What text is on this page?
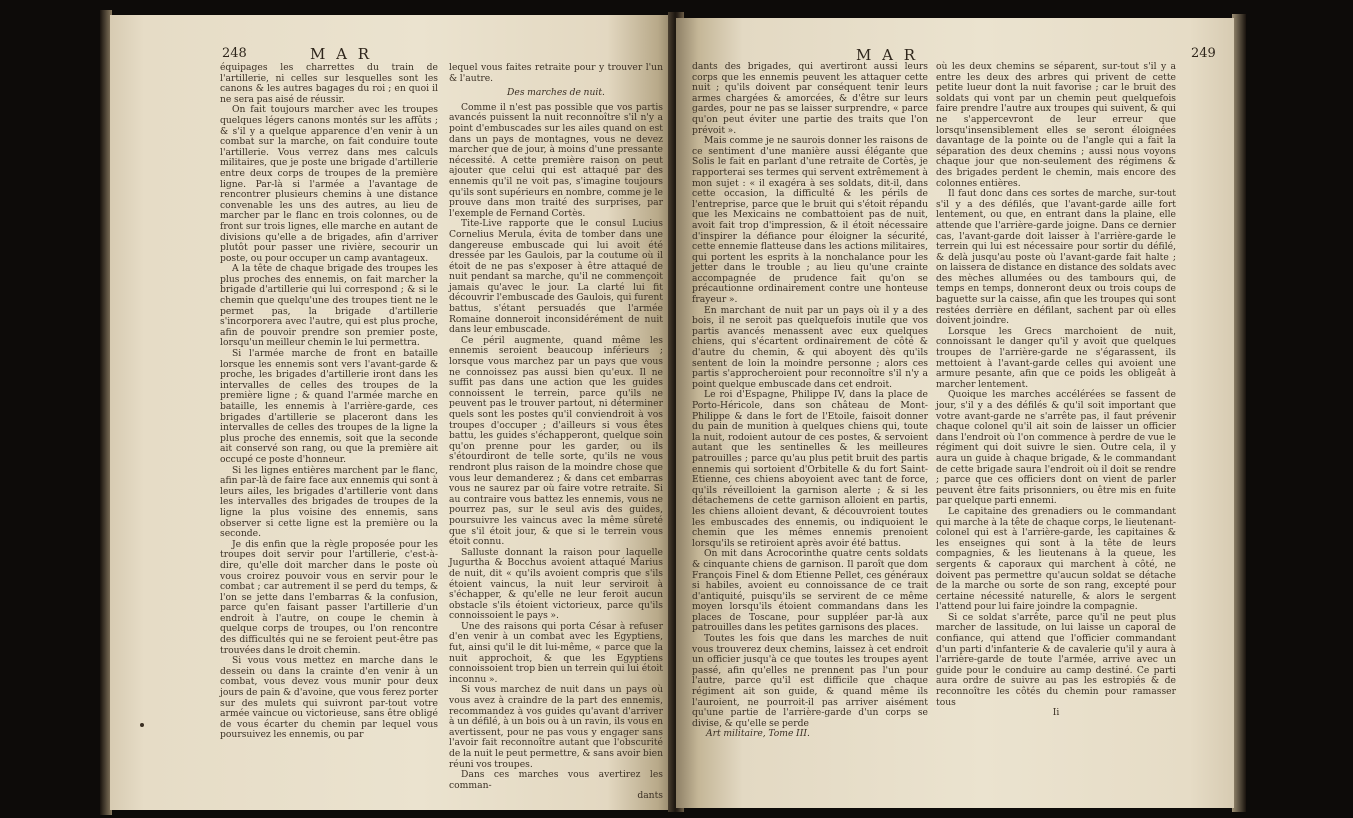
248	M A R

équipages les charrettes du train de l'artillerie, ni celles sur lesquelles sont les canons & les autres bagages du roi ; en quoi il ne sera pas aisé de réussir.

On fait toujours marcher avec les troupes quelques légers canons montés sur les affûts ; & s'il y a quelque apparence d'en venir à un combat sur la marche, on fait conduire toute l'artillerie. Vous verrez dans mes calculs militaires, que je poste une brigade d'artillerie entre deux corps de troupes de la première ligne. Par-là si l'armée a l'avantage de rencontrer plusieurs chemins à une distance convenable les uns des autres, au lieu de marcher par le flanc en trois colonnes, ou de front sur trois lignes, elle marche en autant de divisions qu'elle a de brigades, afin d'arriver plutôt pour passer une rivière, secourir un poste, ou pour occuper un camp avantageux.

A la tête de chaque brigade des troupes les plus proches des ennemis, on fait marcher la brigade d'artillerie qui lui correspond ; & si le chemin que quelqu'une des troupes tient ne le permet pas, la brigade d'artillerie s'incorporera avec l'autre, qui est plus proche, afin de pouvoir prendre son premier poste, lorsqu'un meilleur chemin le lui permettra.

Si l'armée marche de front en bataille lorsque les ennemis sont vers l'avant-garde & proche, les brigades d'artillerie iront dans les intervalles de celles des troupes de la première ligne ; & quand l'armée marche en bataille, les ennemis à l'arrière-garde, ces brigades d'artillerie se placeront dans les intervalles de celles des troupes de la ligne la plus proche des ennemis, soit que la seconde ait conservé son rang, ou que la première ait occupé ce poste d'honneur.

Si les lignes entières marchent par le flanc, afin par-là de faire face aux ennemis qui sont à leurs ailes, les brigades d'artillerie vont dans les intervalles des brigades de troupes de la ligne la plus voisine des ennemis, sans observer si cette ligne est la première ou la seconde.

Je dis enfin que la règle proposée pour les troupes doit servir pour l'artillerie, c'est-à-dire, qu'elle doit marcher dans le poste où vous croirez pouvoir vous en servir pour le combat ; car autrement il se perd du temps, & l'on se jette dans l'embarras & la confusion, parce qu'en faisant passer l'artillerie d'un endroit à l'autre, on coupe le chemin à quelque corps de troupes, ou l'on rencontre des difficultés qui ne se feroient peut-être pas trouvées dans le droit chemin.

Si vous vous mettez en marche dans le dessein ou dans la crainte d'en venir à un combat, vous devez vous munir pour deux jours de pain & d'avoine, que vous ferez porter sur des mulets qui suivront par-tout votre armée vaincue ou victorieuse, sans être obligé de vous écarter du chemin par lequel vous poursuivez les ennemis, ou par

lequel vous faites retraite pour y trouver l'un & l'autre.

Des marches de nuit.

Comme il n'est pas possible que vos partis avancés puissent la nuit reconnoître s'il n'y a point d'embuscades sur les ailes quand on est dans un pays de montagnes, vous ne devez marcher que de jour, à moins d'une pressante nécessité. A cette première raison on peut ajouter que celui qui est attaqué par des ennemis qu'il ne voit pas, s'imagine toujours qu'ils sont supérieurs en nombre, comme je le prouve dans mon traité des surprises, par l'exemple de Fernand Cortès.

Tite-Live rapporte que le consul Lucius Cornelius Merula, évita de tomber dans une dangereuse embuscade qui lui avoit été dressée par les Gaulois, par la coutume où il étoit de ne pas s'exposer à être attaqué de nuit pendant sa marche, qu'il ne commençoit jamais qu'avec le jour. La clarté lui fit découvrir l'embuscade des Gaulois, qui furent battus, s'étant persuadés que l'armée Romaine donneroit inconsidérément de nuit dans leur embuscade.

Ce péril augmente, quand même les ennemis seroient beaucoup inférieurs ; lorsque vous marchez par un pays que vous ne connoissez pas aussi bien qu'eux. Il ne suffit pas dans une action que les guides connoissent le terrein, parce qu'ils ne peuvent pas le trouver partout, ni déterminer quels sont les postes qu'il conviendroit à vos troupes d'occuper ; d'ailleurs si vous êtes battu, les guides s'échapperont, quelque soin qu'on prenne pour les garder, ou ils s'étourdiront de telle sorte, qu'ils ne vous rendront plus raison de la moindre chose que vous leur demanderez ; & dans cet embarras vous ne saurez par où faire votre retraite. Si au contraire vous battez les ennemis, vous ne pourrez pas, sur le seul avis des guides, poursuivre les vaincus avec la même sûreté que s'il étoit jour, & que si le terrein vous étoit connu.

Salluste donnant la raison pour laquelle Jugurtha & Bocchus avoient attaqué Marius de nuit, dit « qu'ils avoient compris que s'ils étoient vaincus, la nuit leur serviroit à s'échapper, & qu'elle ne leur feroit aucun obstacle s'ils étoient victorieux, parce qu'ils connoissoient le pays ».

Une des raisons qui porta César à refuser d'en venir à un combat avec les Egyptiens, fut, ainsi qu'il le dit lui-même, « parce que la nuit approchoit, & que les Egyptiens connoissoient trop bien un terrein qui lui étoit inconnu ».

Si vous marchez de nuit dans un pays où vous avez à craindre de la part des ennemis, recommandez à vos guides qu'avant d'arriver à un défilé, à un bois ou à un ravin, ils vous en avertissent, pour ne pas vous y engager sans l'avoir fait reconnoître autant que l'obscurité de la nuit le peut permettre, & sans avoir bien réuni vos troupes.

Dans ces marches vous avertirez les comman-

dants

M A R	249

dants des brigades, qui avertiront aussi leurs corps que les ennemis peuvent les attaquer cette nuit ; qu'ils doivent par conséquent tenir leurs armes chargées & amorcées, & d'être sur leurs gardes, pour ne pas se laisser surprendre, « parce qu'on peut éviter une partie des traits que l'on prévoit ».

Mais comme je ne saurois donner les raisons de ce sentiment d'une manière aussi élégante que Solis le fait en parlant d'une retraite de Cortès, je rapporterai ses termes qui servent extrêmement à mon sujet : « il exagéra à ses soldats, dit-il, dans cette occasion, la difficulté & les périls de l'entreprise, parce que le bruit qui s'étoit répandu que les Mexicains ne combattoient pas de nuit, avoit fait trop d'impression, & il étoit nécessaire d'inspirer la défiance pour éloigner la sécurité, cette ennemie flatteuse dans les actions militaires, qui portent les esprits à la nonchalance pour les jetter dans le trouble ; au lieu qu'une crainte accompagnée de prudence fait qu'on se précautionne ordinairement contre une honteuse frayeur ».

En marchant de nuit par un pays où il y a des bois, il ne seroit pas quelquefois inutile que vos partis avancés menassent avec eux quelques chiens, qui s'écartent ordinairement de côté & d'autre du chemin, & qui aboyent dès qu'ils sentent de loin la moindre personne ; alors ces partis s'approcheroient pour reconnoître s'il n'y a point quelque embuscade dans cet endroit.

Le roi d'Espagne, Philippe IV, dans la place de Porto-Héricole, dans son château de Mont-Philippe & dans le fort de l'Etoile, faisoit donner du pain de munition à quelques chiens qui, toute la nuit, rodoient autour de ces postes, & servoient autant que les sentinelles & les meilleures patrouilles ; parce qu'au plus petit bruit des partis ennemis qui sortoient d'Orbitelle & du fort Saint-Etienne, ces chiens aboyoient avec tant de force, qu'ils réveilloient la garnison alerte ; & si les détachemens de cette garnison alloient en partis, les chiens alloient devant, & découvroient toutes les embuscades des ennemis, ou indiquoient le chemin que les mêmes ennemis prenoient lorsqu'ils se retiroient après avoir été battus.

On mit dans Acrocorinthe quatre cents soldats & cinquante chiens de garnison. Il paroît que dom François Finel & dom Etienne Pellet, ces généraux si habiles, avoient eu connoissance de ce trait d'antiquité, puisqu'ils se servirent de ce même moyen lorsqu'ils étoient commandans dans les places de Toscane, pour suppléer par-là aux patrouilles dans les petites garnisons des places.

Toutes les fois que dans les marches de nuit vous trouverez deux chemins, laissez à cet endroit un officier jusqu'à ce que toutes les troupes ayent passé, afin qu'elles ne prennent pas l'un pour l'autre, parce qu'il est difficile que chaque régiment ait son guide, & quand même ils l'auroient, ne pourroit-il pas arriver aisément qu'une partie de l'arrière-garde d'un corps se divise, & qu'elle se perde

Art militaire, Tome III.

où les deux chemins se séparent, sur-tout s'il y a entre les deux des arbres qui privent de cette petite lueur dont la nuit favorise ; car le bruit des soldats qui vont par un chemin peut quelquefois faire prendre l'autre aux troupes qui suivent, & qui ne s'appercevront de leur erreur que lorsqu'insensiblement elles se seront éloignées davantage de la pointe ou de l'angle qui a fait la séparation des deux chemins ; aussi nous voyons chaque jour que non-seulement des régimens & des brigades perdent le chemin, mais encore des colonnes entières.

Il faut donc dans ces sortes de marche, sur-tout s'il y a des défilés, que l'avant-garde aille fort lentement, ou que, en entrant dans la plaine, elle attende que l'arrière-garde joigne. Dans ce dernier cas, l'avant-garde doit laisser à l'arrière-garde le terrein qui lui est nécessaire pour sortir du défilé, & delà jusqu'au poste où l'avant-garde fait halte ; on laissera de distance en distance des soldats avec des mèches allumées ou des tambours qui, de temps en temps, donneront deux ou trois coups de baguette sur la caisse, afin que les troupes qui sont restées derrière en défilant, sachent par où elles doivent joindre.

Lorsque les Grecs marchoient de nuit, connoissant le danger qu'il y avoit que quelques troupes de l'arrière-garde ne s'égarassent, ils mettoient à l'avant-garde celles qui avoient une armure pesante, afin que ce poids les obligeât à marcher lentement.

Quoique les marches accélérées se fassent de jour, s'il y a des défilés & qu'il soit important que votre avant-garde ne s'arrête pas, il faut prévenir chaque colonel qu'il ait soin de laisser un officier dans l'endroit où l'on commence à perdre de vue le régiment qui doit suivre le sien. Outre cela, il y aura un guide à chaque brigade, & le commandant de cette brigade saura l'endroit où il doit se rendre ; parce que ces officiers dont on vient de parler peuvent être faits prisonniers, ou être mis en fuite par quelque parti ennemi.

Le capitaine des grenadiers ou le commandant qui marche à la tête de chaque corps, le lieutenant-colonel qui est à l'arrière-garde, les capitaines & les enseignes qui sont à la tête de leurs compagnies, & les lieutenans à la queue, les sergents & caporaux qui marchent à côté, ne doivent pas permettre qu'aucun soldat se détache de la marche ou sorte de son rang, excepté pour certaine nécessité naturelle, & alors le sergent l'attend pour lui faire joindre la compagnie.

Si ce soldat s'arrête, parce qu'il ne peut plus marcher de lassitude, on lui laisse un caporal de confiance, qui attend que l'officier commandant d'un parti d'infanterie & de cavalerie qu'il y aura à l'arrière-garde de toute l'armée, arrive avec un guide pour le conduire au camp destiné. Ce parti aura ordre de suivre au pas les estropiés & de reconnoître les côtés du chemin pour ramasser tous

Ii
